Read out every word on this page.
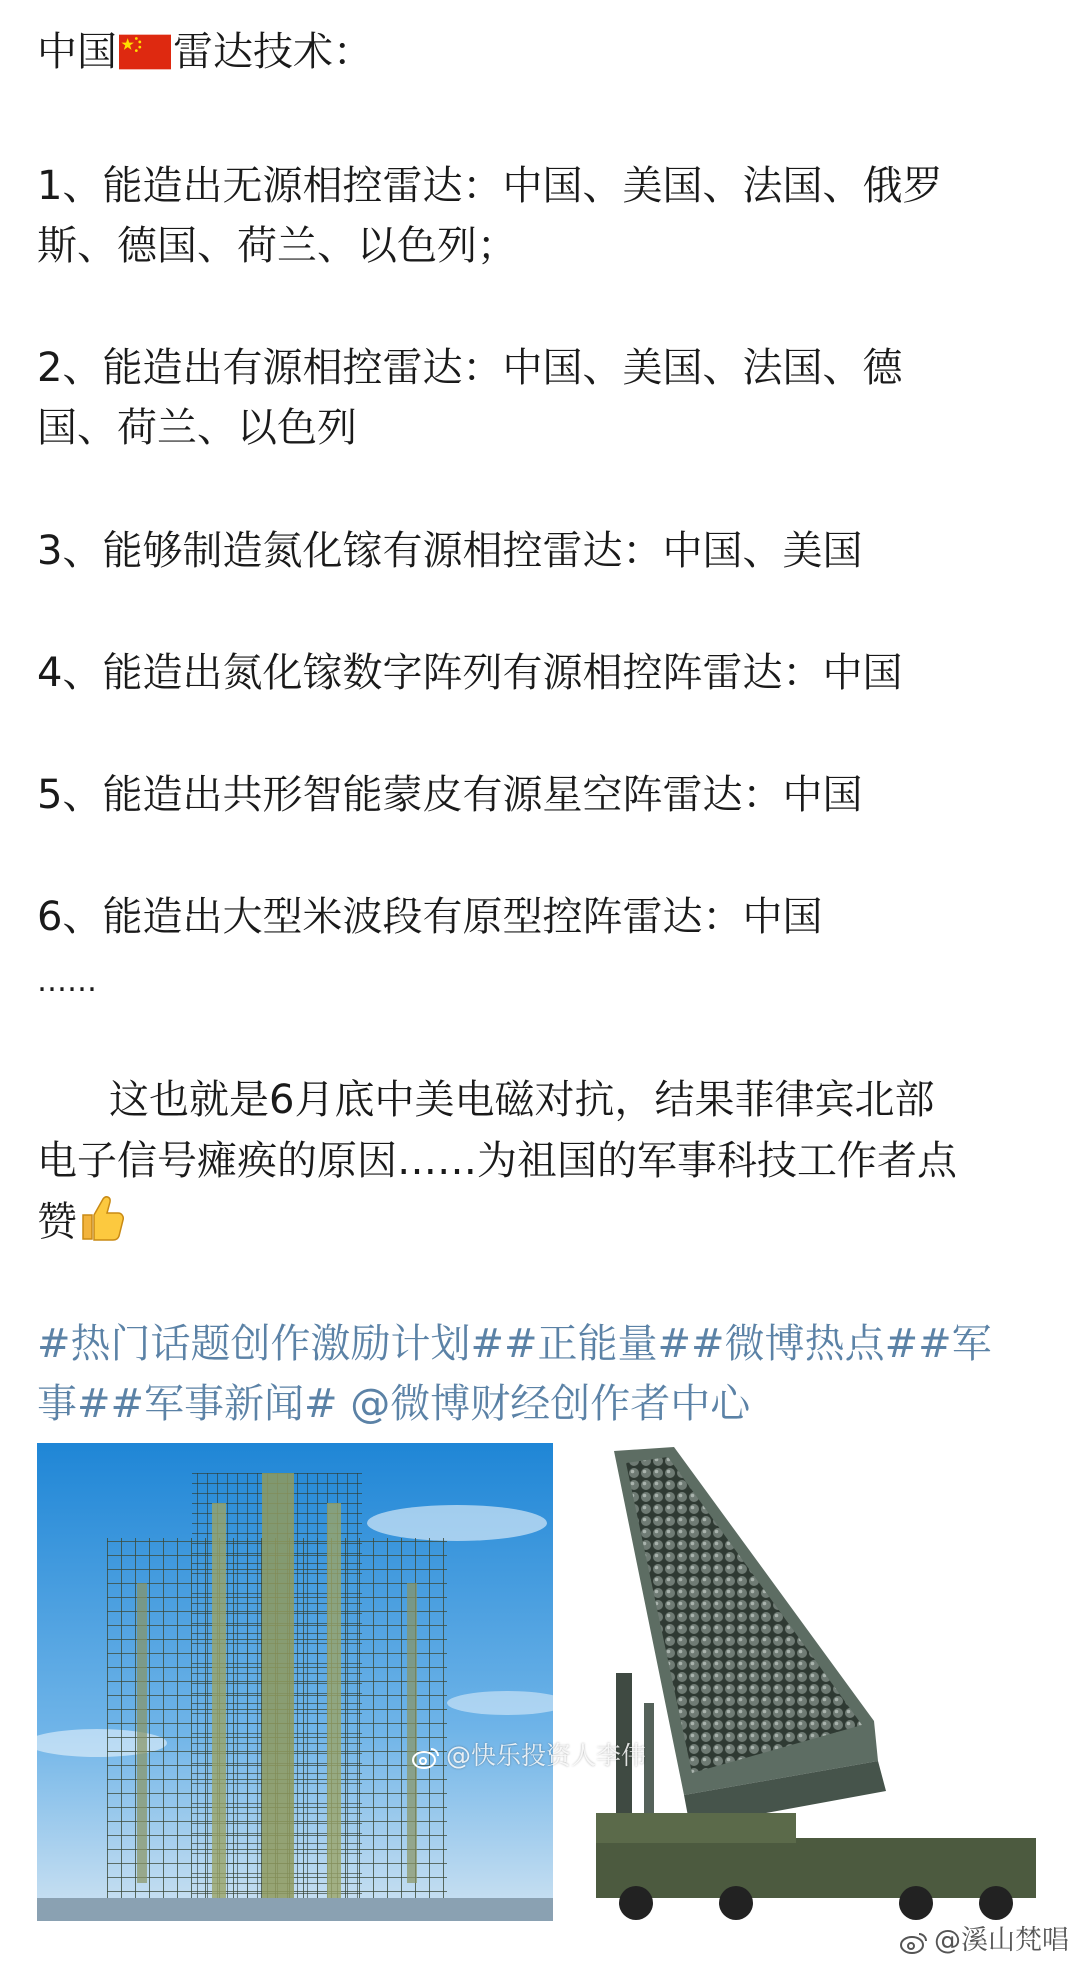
中国 雷达技术：
1、能造出无源相控雷达：中国、美国、法国、俄罗
斯、德国、荷兰、以色列；
2、能造出有源相控雷达：中国、美国、法国、德
国、荷兰、以色列
3、能够制造氮化镓有源相控雷达：中国、美国
4、能造出氮化镓数字阵列有源相控阵雷达：中国
5、能造出共形智能蒙皮有源星空阵雷达：中国
6、能造出大型米波段有原型控阵雷达：中国
……
这也就是6月底中美电磁对抗，结果菲律宾北部
电子信号瘫痪的原因……为祖国的军事科技工作者点
赞
#热门话题创作激励计划##正能量##微博热点##军
事##军事新闻# @微博财经创作者中心
@快乐投资人李伟
@溪山梵唱
